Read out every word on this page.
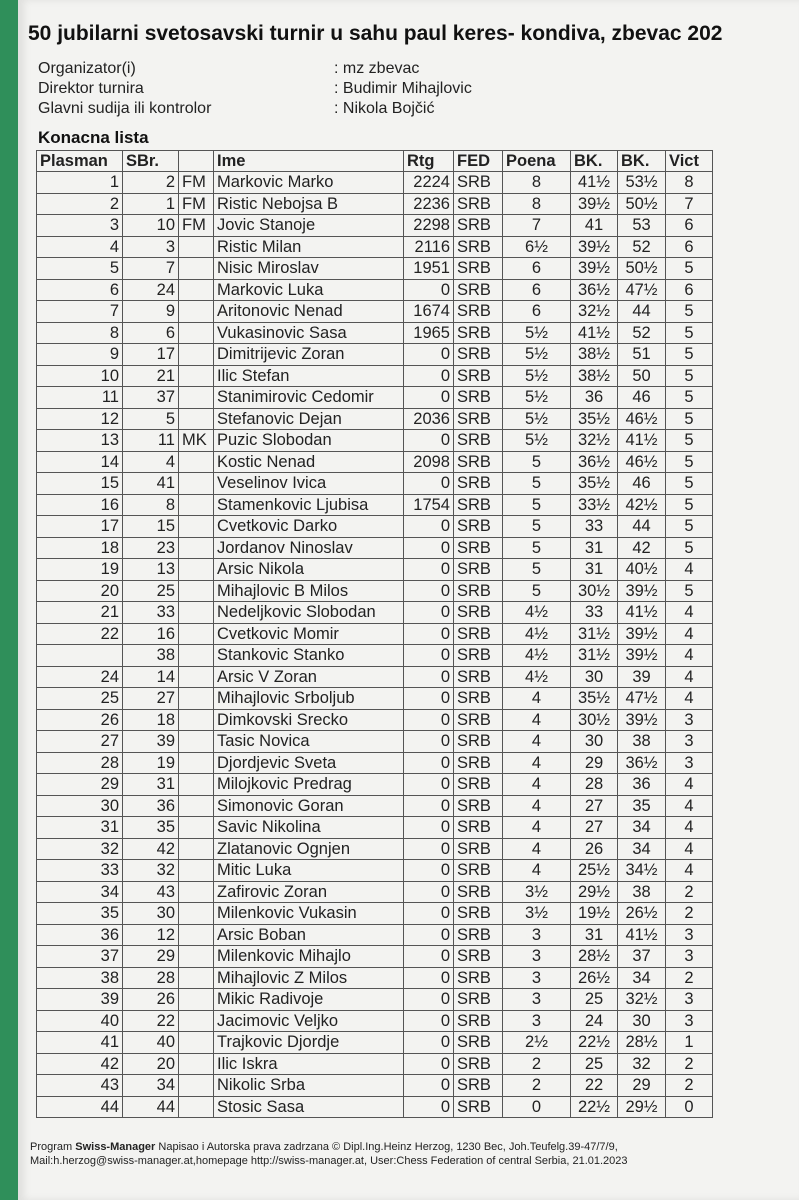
50 jubilarni svetosavski turnir u sahu paul keres- kondiva, zbevac 202
Organizator(i)	: mz zbevac
Direktor turnira	: Budimir Mihajlovic
Glavni sudija ili kontrolor	: Nikola Bojčić
Konacna lista
Plasman	SBr.		Ime	Rtg	FED	Poena	BK.	BK.	Vict
1	2	FM	Markovic Marko	2224	SRB	8	41½	53½	8
2	1	FM	Ristic Nebojsa B	2236	SRB	8	39½	50½	7
3	10	FM	Jovic Stanoje	2298	SRB	7	41	53	6
4	3		Ristic Milan	2116	SRB	6½	39½	52	6
5	7		Nisic Miroslav	1951	SRB	6	39½	50½	5
6	24		Markovic Luka	0	SRB	6	36½	47½	6
7	9		Aritonovic Nenad	1674	SRB	6	32½	44	5
8	6		Vukasinovic Sasa	1965	SRB	5½	41½	52	5
9	17		Dimitrijevic Zoran	0	SRB	5½	38½	51	5
10	21		Ilic Stefan	0	SRB	5½	38½	50	5
11	37		Stanimirovic Cedomir	0	SRB	5½	36	46	5
12	5		Stefanovic Dejan	2036	SRB	5½	35½	46½	5
13	11	MK	Puzic Slobodan	0	SRB	5½	32½	41½	5
14	4		Kostic Nenad	2098	SRB	5	36½	46½	5
15	41		Veselinov Ivica	0	SRB	5	35½	46	5
16	8		Stamenkovic Ljubisa	1754	SRB	5	33½	42½	5
17	15		Cvetkovic Darko	0	SRB	5	33	44	5
18	23		Jordanov Ninoslav	0	SRB	5	31	42	5
19	13		Arsic Nikola	0	SRB	5	31	40½	4
20	25		Mihajlovic B Milos	0	SRB	5	30½	39½	5
21	33		Nedeljkovic Slobodan	0	SRB	4½	33	41½	4
22	16		Cvetkovic Momir	0	SRB	4½	31½	39½	4
	38		Stankovic Stanko	0	SRB	4½	31½	39½	4
24	14		Arsic V Zoran	0	SRB	4½	30	39	4
25	27		Mihajlovic Srboljub	0	SRB	4	35½	47½	4
26	18		Dimkovski Srecko	0	SRB	4	30½	39½	3
27	39		Tasic Novica	0	SRB	4	30	38	3
28	19		Djordjevic Sveta	0	SRB	4	29	36½	3
29	31		Milojkovic Predrag	0	SRB	4	28	36	4
30	36		Simonovic Goran	0	SRB	4	27	35	4
31	35		Savic Nikolina	0	SRB	4	27	34	4
32	42		Zlatanovic Ognjen	0	SRB	4	26	34	4
33	32		Mitic Luka	0	SRB	4	25½	34½	4
34	43		Zafirovic Zoran	0	SRB	3½	29½	38	2
35	30		Milenkovic Vukasin	0	SRB	3½	19½	26½	2
36	12		Arsic Boban	0	SRB	3	31	41½	3
37	29		Milenkovic Mihajlo	0	SRB	3	28½	37	3
38	28		Mihajlovic Z Milos	0	SRB	3	26½	34	2
39	26		Mikic Radivoje	0	SRB	3	25	32½	3
40	22		Jacimovic Veljko	0	SRB	3	24	30	3
41	40		Trajkovic Djordje	0	SRB	2½	22½	28½	1
42	20		Ilic Iskra	0	SRB	2	25	32	2
43	34		Nikolic Srba	0	SRB	2	22	29	2
44	44		Stosic Sasa	0	SRB	0	22½	29½	0
Program Swiss-Manager Napisao i Autorska prava zadrzana © Dipl.Ing.Heinz Herzog, 1230 Bec, Joh.Teufelg.39-47/7/9,
Mail:h.herzog@swiss-manager.at,homepage http://swiss-manager.at, User:Chess Federation of central Serbia, 21.01.2023
